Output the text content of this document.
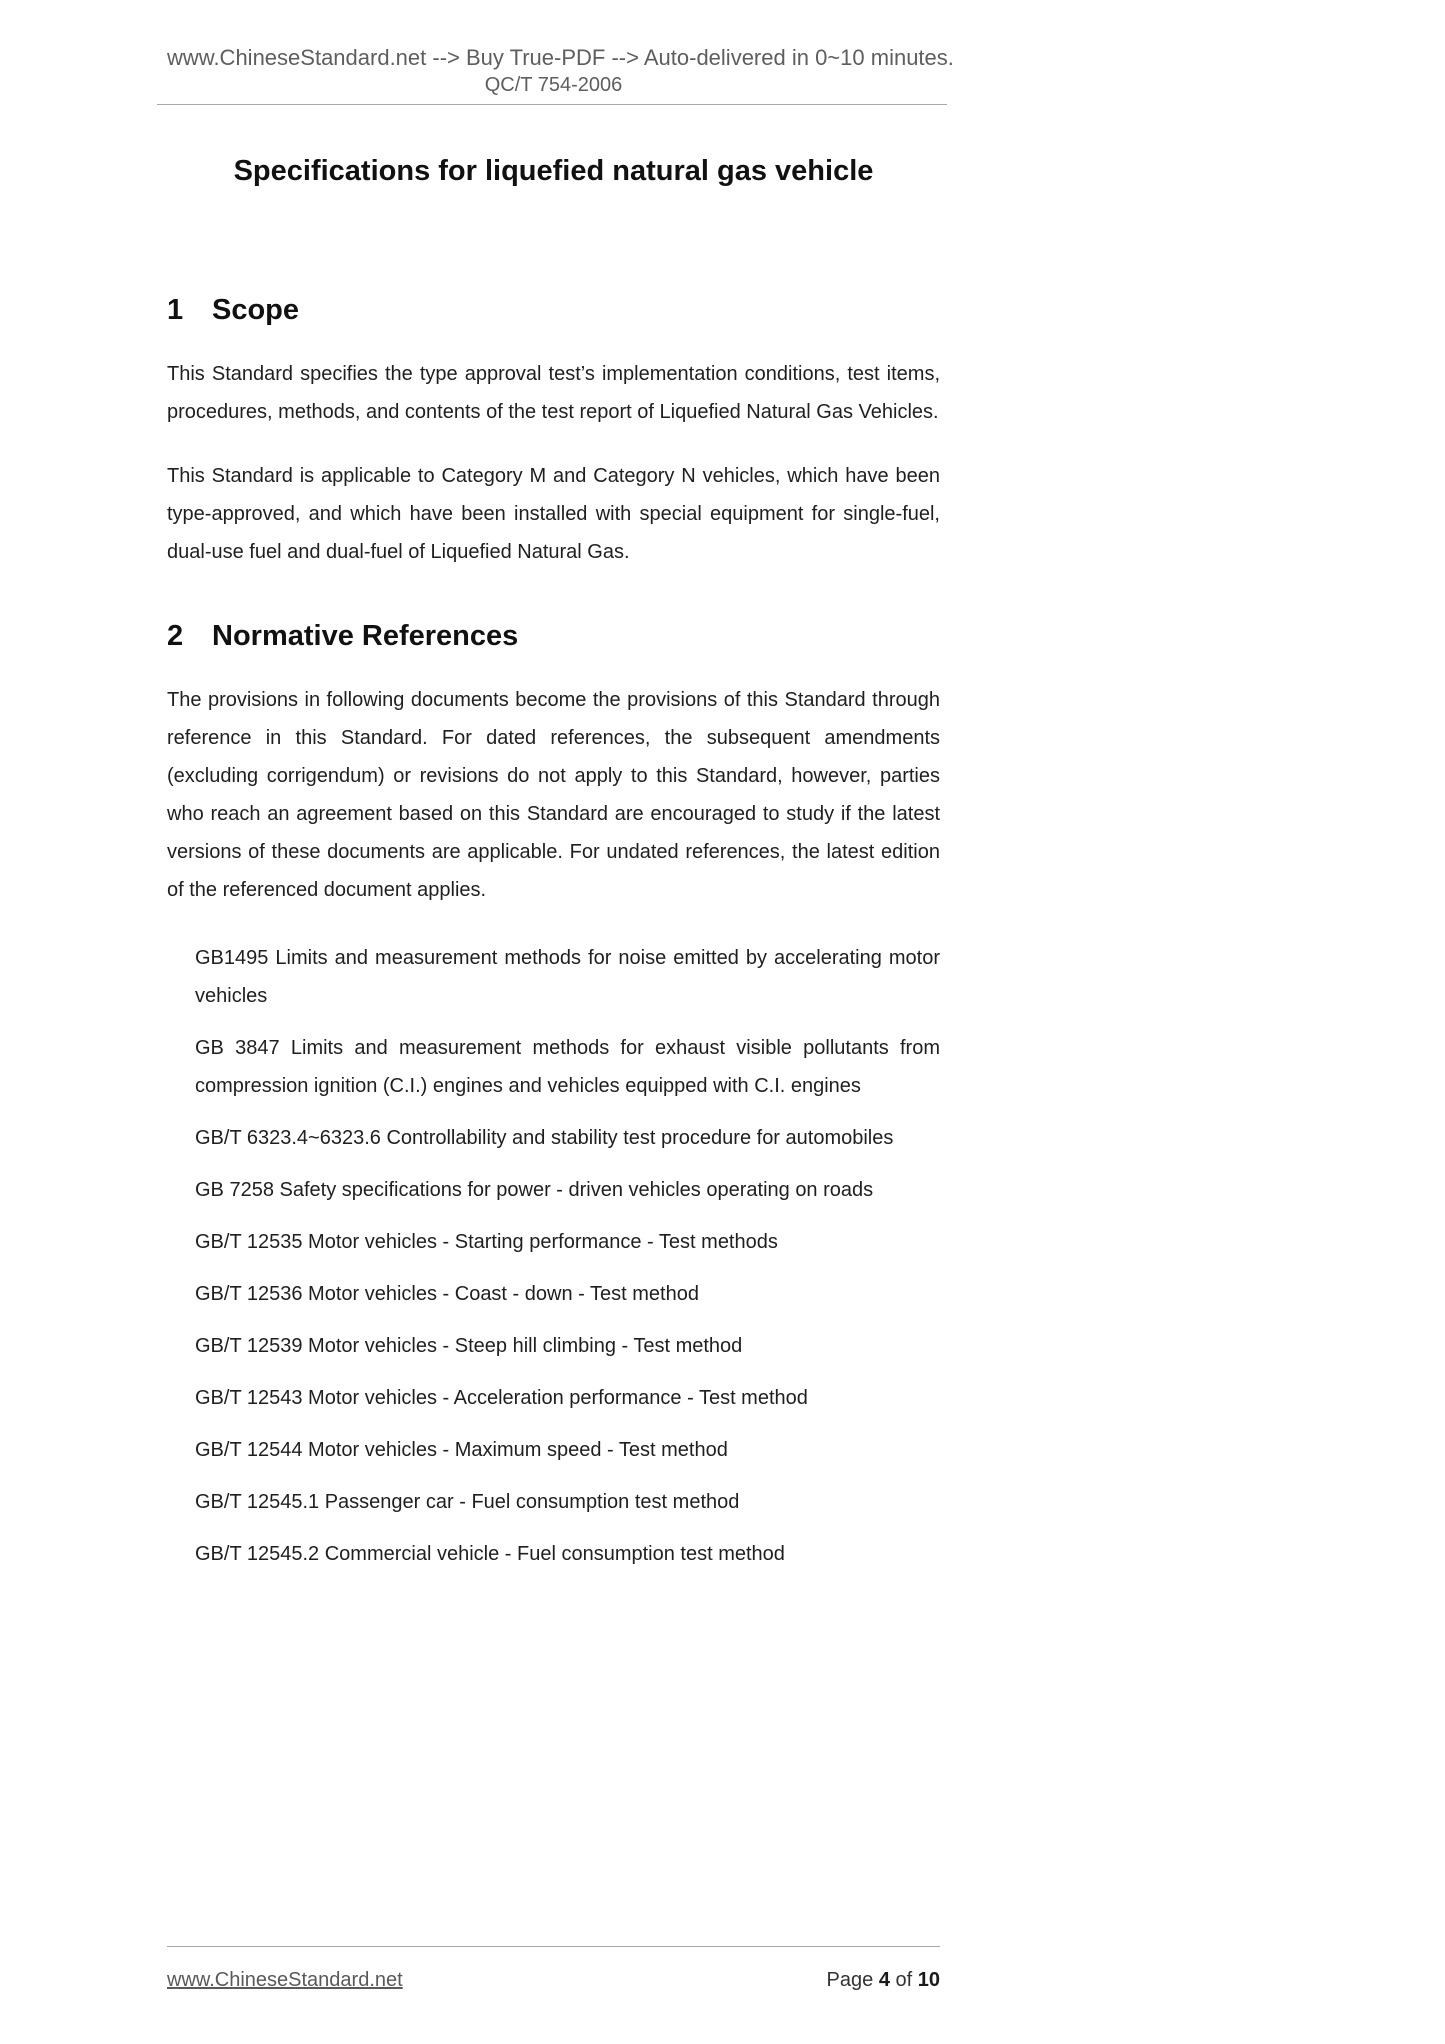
www.ChineseStandard.net --> Buy True-PDF --> Auto-delivered in 0~10 minutes.
QC/T 754-2006
Specifications for liquefied natural gas vehicle
1 Scope

This Standard specifies the type approval test’s implementation conditions, test items, procedures, methods, and contents of the test report of Liquefied Natural Gas Vehicles.

This Standard is applicable to Category M and Category N vehicles, which have been type-approved, and which have been installed with special equipment for single-fuel, dual-use fuel and dual-fuel of Liquefied Natural Gas.

2 Normative References

The provisions in following documents become the provisions of this Standard through reference in this Standard. For dated references, the subsequent amendments (excluding corrigendum) or revisions do not apply to this Standard, however, parties who reach an agreement based on this Standard are encouraged to study if the latest versions of these documents are applicable. For undated references, the latest edition of the referenced document applies.

GB1495 Limits and measurement methods for noise emitted by accelerating motor vehicles

GB 3847 Limits and measurement methods for exhaust visible pollutants from compression ignition (C.I.) engines and vehicles equipped with C.I. engines

GB/T 6323.4~6323.6 Controllability and stability test procedure for automobiles

GB 7258 Safety specifications for power - driven vehicles operating on roads

GB/T 12535 Motor vehicles - Starting performance - Test methods

GB/T 12536 Motor vehicles - Coast - down - Test method

GB/T 12539 Motor vehicles - Steep hill climbing - Test method

GB/T 12543 Motor vehicles - Acceleration performance - Test method

GB/T 12544 Motor vehicles - Maximum speed - Test method

GB/T 12545.1 Passenger car - Fuel consumption test method

GB/T 12545.2 Commercial vehicle - Fuel consumption test method

www.ChineseStandard.net	Page 4 of 10
